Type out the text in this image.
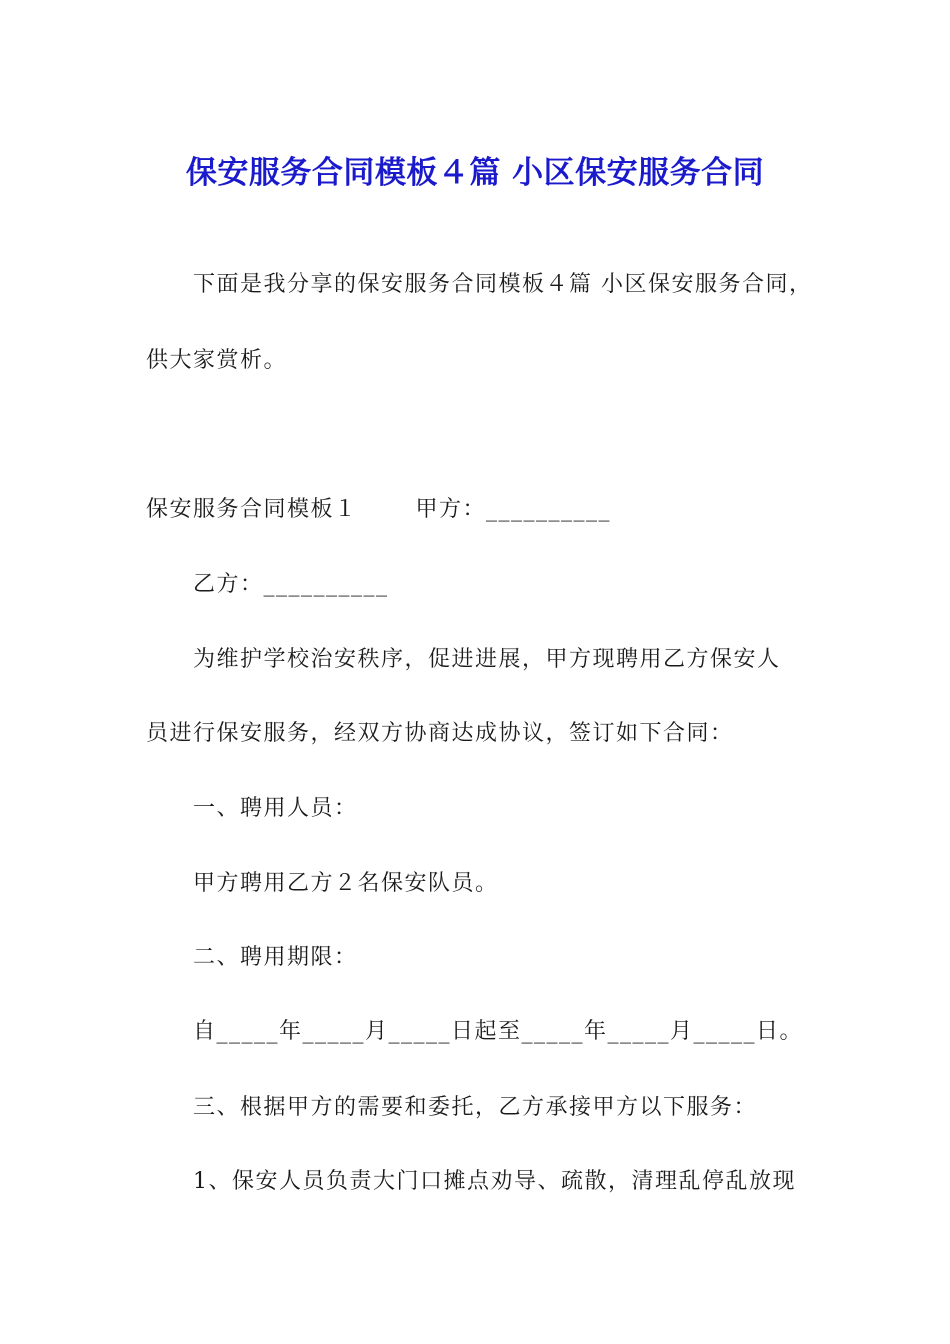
保安服务合同模板４篇 小区保安服务合同
下面是我分享的保安服务合同模板４篇 小区保安服务合同，
供大家赏析。
保安服务合同模板１	甲方：__________
乙方：__________
为维护学校治安秩序，促进进展，甲方现聘用乙方保安人
员进行保安服务，经双方协商达成协议，签订如下合同：
一、聘用人员：
甲方聘用乙方２名保安队员。
二、聘用期限：
自_____年_____月_____日起至_____年_____月_____日。
三、根据甲方的需要和委托，乙方承接甲方以下服务：
1、保安人员负责大门口摊点劝导、疏散，清理乱停乱放现
